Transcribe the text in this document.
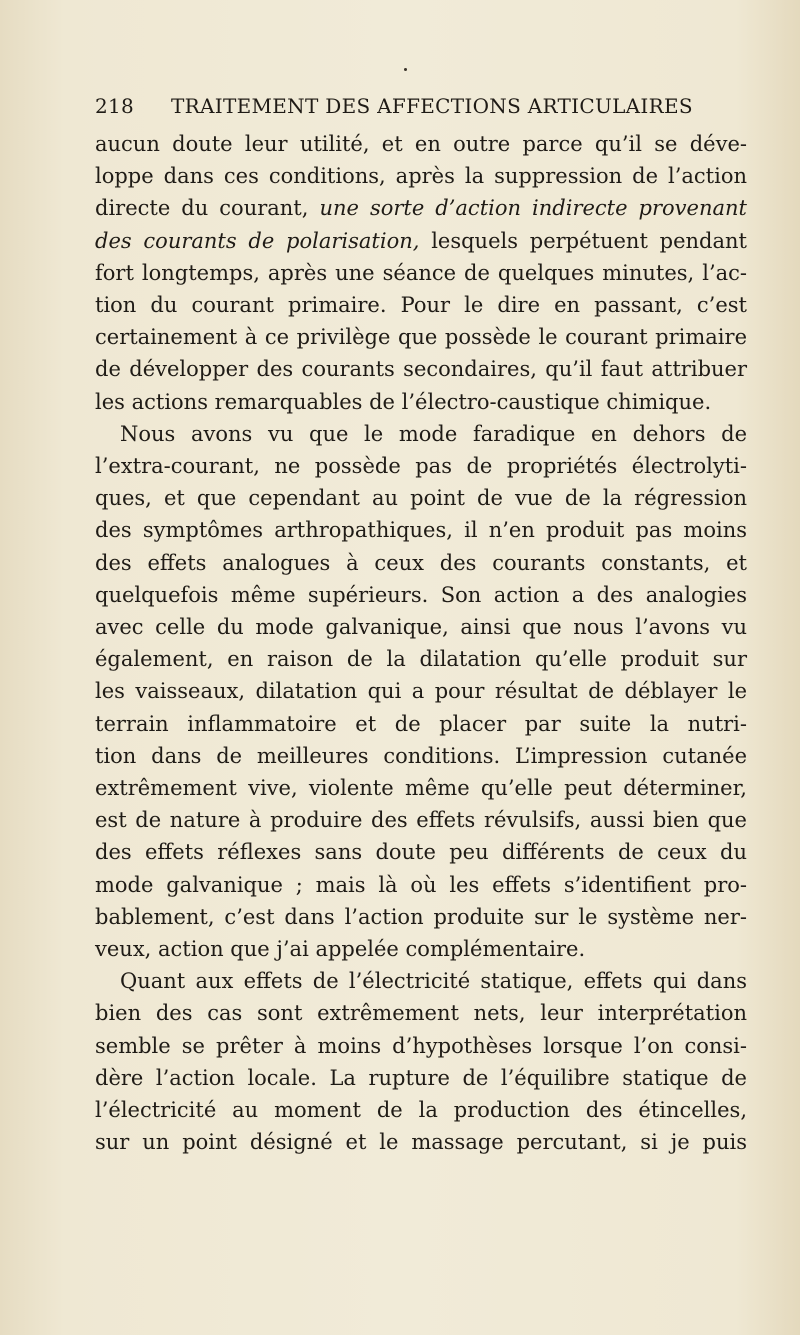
218	TRAITEMENT DES AFFECTIONS ARTICULAIRES
aucun doute leur utilité, et en outre parce qu’il se déve-
loppe dans ces conditions, après la suppression de l’action
directe du courant, une sorte d’action indirecte provenant
des courants de polarisation, lesquels perpétuent pendant
fort longtemps, après une séance de quelques minutes, l’ac-
tion du courant primaire. Pour le dire en passant, c’est
certainement à ce privilège que possède le courant primaire
de développer des courants secondaires, qu’il faut attribuer
les actions remarquables de l’électro-caustique chimique.
Nous avons vu que le mode faradique en dehors de
l’extra-courant, ne possède pas de propriétés électrolyti-
ques, et que cependant au point de vue de la régression
des symptômes arthropathiques, il n’en produit pas moins
des effets analogues à ceux des courants constants, et
quelquefois même supérieurs. Son action a des analogies
avec celle du mode galvanique, ainsi que nous l’avons vu
également, en raison de la dilatation qu’elle produit sur
les vaisseaux, dilatation qui a pour résultat de déblayer le
terrain inflammatoire et de placer par suite la nutri-
tion dans de meilleures conditions. L’impression cutanée
extrêmement vive, violente même qu’elle peut déterminer,
est de nature à produire des effets révulsifs, aussi bien que
des effets réflexes sans doute peu différents de ceux du
mode galvanique ; mais là où les effets s’identifient pro-
bablement, c’est dans l’action produite sur le système ner-
veux, action que j’ai appelée complémentaire.
Quant aux effets de l’électricité statique, effets qui dans
bien des cas sont extrêmement nets, leur interprétation
semble se prêter à moins d’hypothèses lorsque l’on consi-
dère l’action locale. La rupture de l’équilibre statique de
l’électricité au moment de la production des étincelles,
sur un point désigné et le massage percutant, si je puis
